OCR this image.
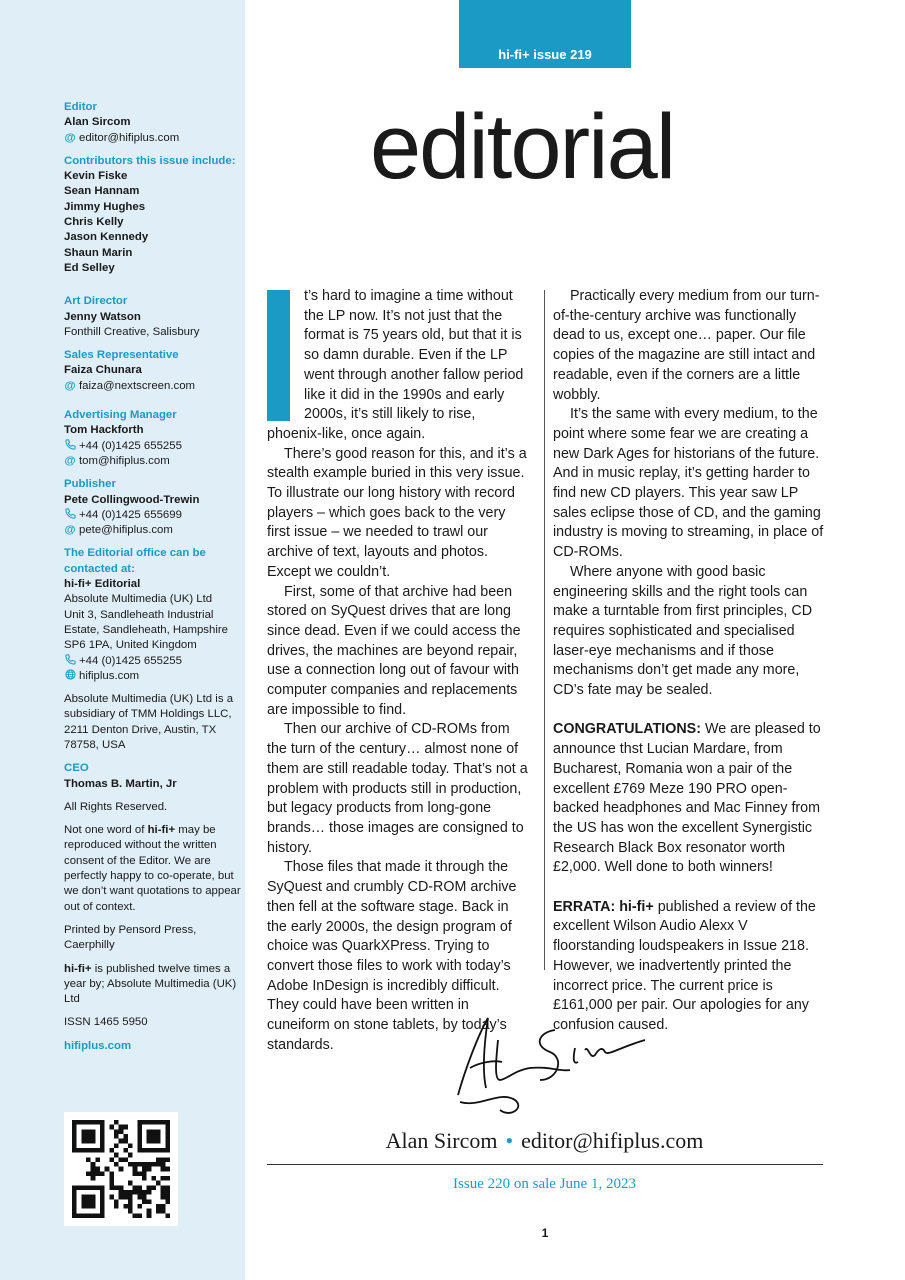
Editor
Alan Sircom
@ editor@hifiplus.com
Contributors this issue include:
Kevin Fiske
Sean Hannam
Jimmy Hughes
Chris Kelly
Jason Kennedy
Shaun Marin
Ed Selley
Art Director
Jenny Watson
Fonthill Creative, Salisbury
Sales Representative
Faiza Chunara
@ faiza@nextscreen.com
Advertising Manager
Tom Hackforth
+44 (0)1425 655255
@ tom@hifiplus.com
Publisher
Pete Collingwood-Trewin
+44 (0)1425 655699
@ pete@hifiplus.com
The Editorial office can be contacted at:
hi-fi+ Editorial
Absolute Multimedia (UK) Ltd
Unit 3, Sandleheath Industrial
Estate, Sandleheath, Hampshire
SP6 1PA, United Kingdom
+44 (0)1425 655255
hifiplus.com
Absolute Multimedia (UK) Ltd is a subsidiary of TMM Holdings LLC, 2211 Denton Drive, Austin, TX 78758, USA
CEO
Thomas B. Martin, Jr
All Rights Reserved.
Not one word of hi-fi+ may be reproduced without the written consent of the Editor. We are perfectly happy to co-operate, but we don’t want quotations to appear out of context.
Printed by Pensord Press, Caerphilly
hi-fi+ is published twelve times a year by; Absolute Multimedia (UK) Ltd
ISSN 1465 5950
hifiplus.com
hi-fi+ issue 219
editorial

t’s hard to imagine a time without the LP now. It’s not just that the format is 75 years old, but that it is so damn durable. Even if the LP went through another fallow period like it did in the 1990s and early 2000s, it’s still likely to rise, phoenix-like, once again.

There’s good reason for this, and it’s a stealth example buried in this very issue. To illustrate our long history with record players – which goes back to the very first issue – we needed to trawl our archive of text, layouts and photos. Except we couldn’t.

First, some of that archive had been stored on SyQuest drives that are long since dead. Even if we could access the drives, the machines are beyond repair, use a connection long out of favour with computer companies and replacements are impossible to find.

Then our archive of CD-ROMs from the turn of the century… almost none of them are still readable today. That’s not a problem with products still in production, but legacy products from long-gone brands… those images are consigned to history.

Those files that made it through the SyQuest and crumbly CD-ROM archive then fell at the software stage. Back in the early 2000s, the design program of choice was QuarkXPress. Trying to convert those files to work with today’s Adobe InDesign is incredibly difficult. They could have been written in cuneiform on stone tablets, by today’s standards.

Practically every medium from our turn-of-the-century archive was functionally dead to us, except one… paper. Our file copies of the magazine are still intact and readable, even if the corners are a little wobbly.

It’s the same with every medium, to the point where some fear we are creating a new Dark Ages for historians of the future. And in music replay, it’s getting harder to find new CD players. This year saw LP sales eclipse those of CD, and the gaming industry is moving to streaming, in place of CD-ROMs.

Where anyone with good basic engineering skills and the right tools can make a turntable from first principles, CD requires sophisticated and specialised laser-eye mechanisms and if those mechanisms don’t get made any more, CD’s fate may be sealed.

CONGRATULATIONS: We are pleased to announce thst Lucian Mardare, from Bucharest, Romania won a pair of the excellent £769 Meze 190 PRO open-backed headphones and Mac Finney from the US has won the excellent Synergistic Research Black Box resonator worth £2,000. Well done to both winners!

ERRATA: hi-fi+ published a review of the excellent Wilson Audio Alexx V floorstanding loudspeakers in Issue 218. However, we inadvertently printed the incorrect price. The current price is £161,000 per pair. Our apologies for any confusion caused.

Alan Sircom • editor@hifiplus.com
Issue 220 on sale June 1, 2023
1
